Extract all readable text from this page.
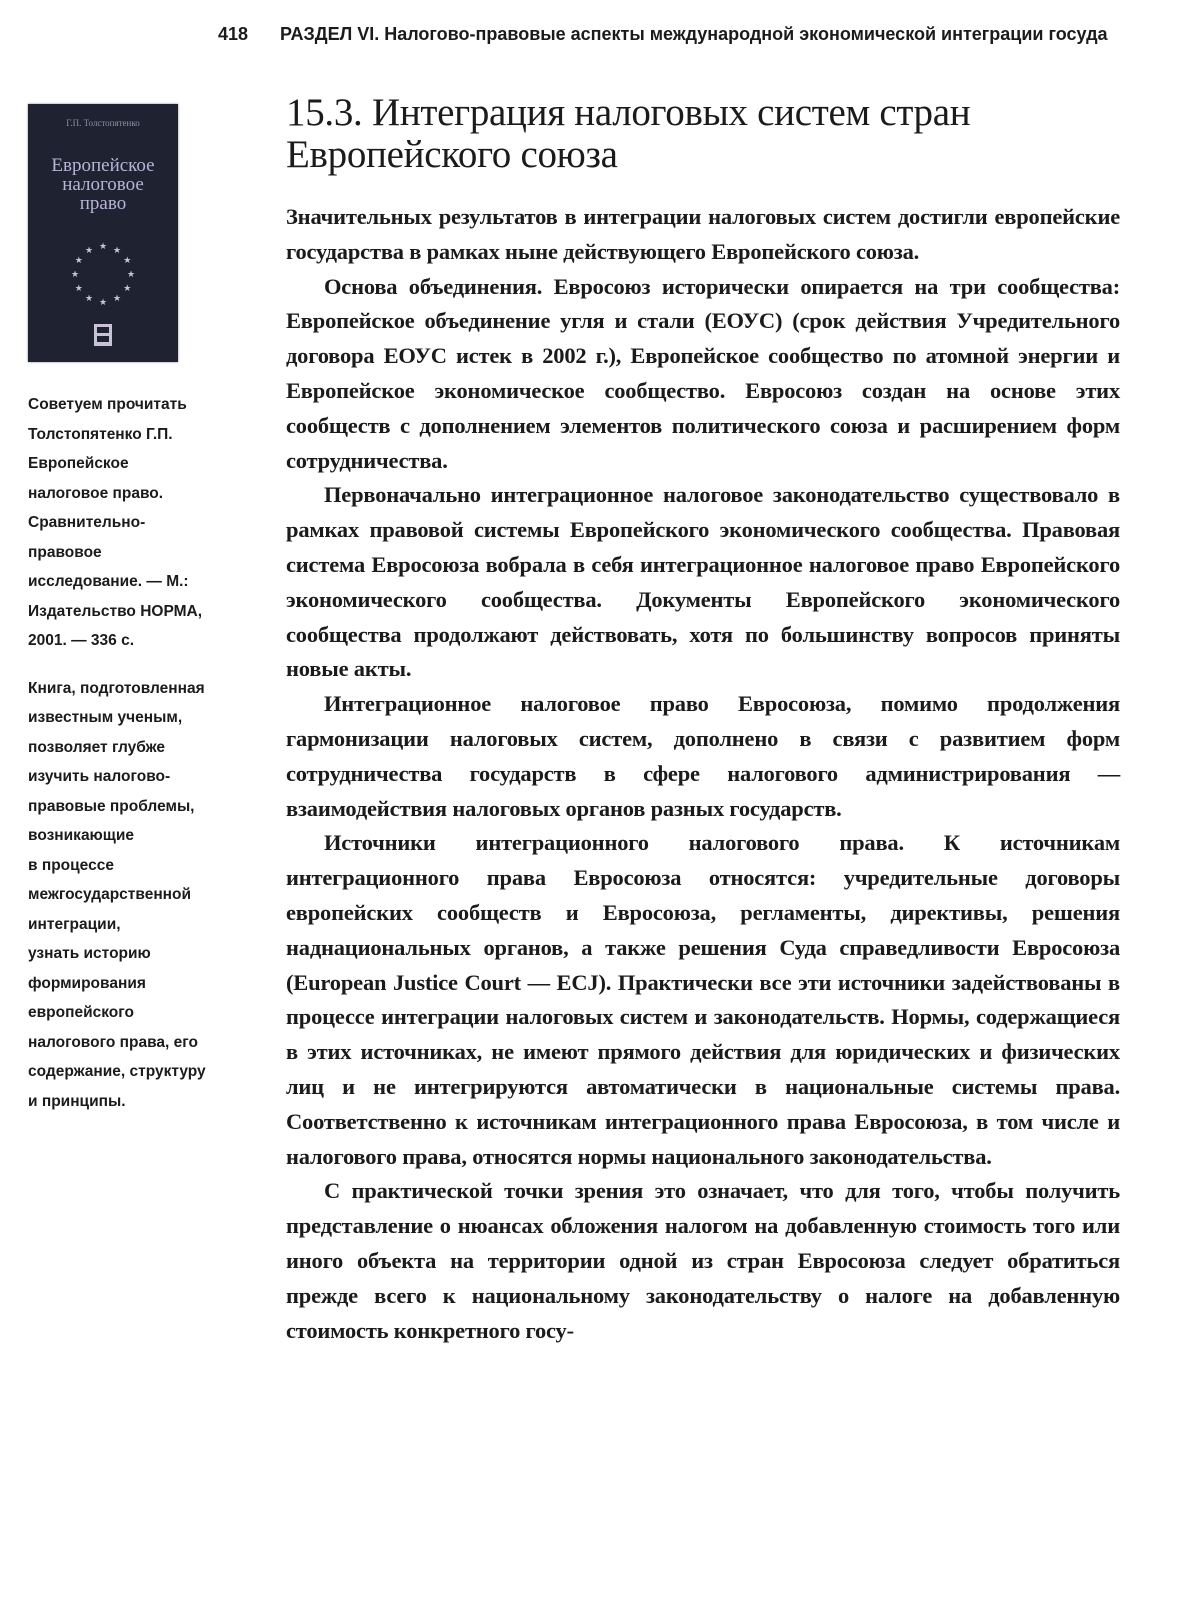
418 РАЗДЕЛ VI. Налогово-правовые аспекты международной экономической интеграции госуда
Г.П. Толстопятенко
Европейское
налоговое
право
★
★
★
★
★
★
★
★
★ ★ ★
★

Советуем прочитать

Толстопятенко Г.П.

Европейское

налоговое право.

Сравнительно-

правовое

исследование. — М.:

Издательство НОРМА,

2001. — 336 с.

Книга, подготовленная

известным ученым,

позволяет глубже

изучить налогово-

правовые проблемы,

возникающие

в процессе

межгосударственной

интеграции,

узнать историю

формирования

европейского

налогового права, его

содержание, структуру

и принципы.

15.3. Интеграция налоговых систем стран Европейского союза

Значительных результатов в интеграции налоговых систем достигли европейские государства в рамках ныне действующего Европейского союза.

Основа объединения. Евросоюз исторически опирается на три сообщества: Европейское объединение угля и стали (ЕОУС) (срок действия Учредительного договора ЕОУС истек в 2002 г.), Европейское сообщество по атомной энергии и Европейское экономическое сообщество. Евросоюз создан на основе этих сообществ с дополнением элементов политического союза и расширением форм сотрудничества.

Первоначально интеграционное налоговое законодательство существовало в рамках правовой системы Европейского экономического сообщества. Правовая система Евросоюза вобрала в себя интеграционное налоговое право Европейского экономического сообщества. Документы Европейского экономического сообщества продолжают действовать, хотя по большинству вопросов приняты новые акты.

Интеграционное налоговое право Евросоюза, помимо продолжения гармонизации налоговых систем, дополнено в связи с развитием форм сотрудничества государств в сфере налогового администрирования — взаимодействия налоговых органов разных государств.

Источники интеграционного налогового права. К источникам интеграционного права Евросоюза относятся: учредительные договоры европейских сообществ и Евросоюза, регламенты, директивы, решения наднациональных органов, а также решения Суда справедливости Евросоюза (European Justice Court — ECJ). Практически все эти источники задействованы в процессе интеграции налоговых систем и законодательств. Нормы, содержащиеся в этих источниках, не имеют прямого действия для юридических и физических лиц и не интегрируются автоматически в национальные системы права. Соответственно к источникам интеграционного права Евросоюза, в том числе и налогового права, относятся нормы национального законодательства.

С практической точки зрения это означает, что для того, чтобы получить представление о нюансах обложения налогом на добавленную стоимость того или иного объекта на территории одной из стран Евросоюза следует обратиться прежде всего к национальному законодательству о налоге на добавленную стоимость конкретного госу-
